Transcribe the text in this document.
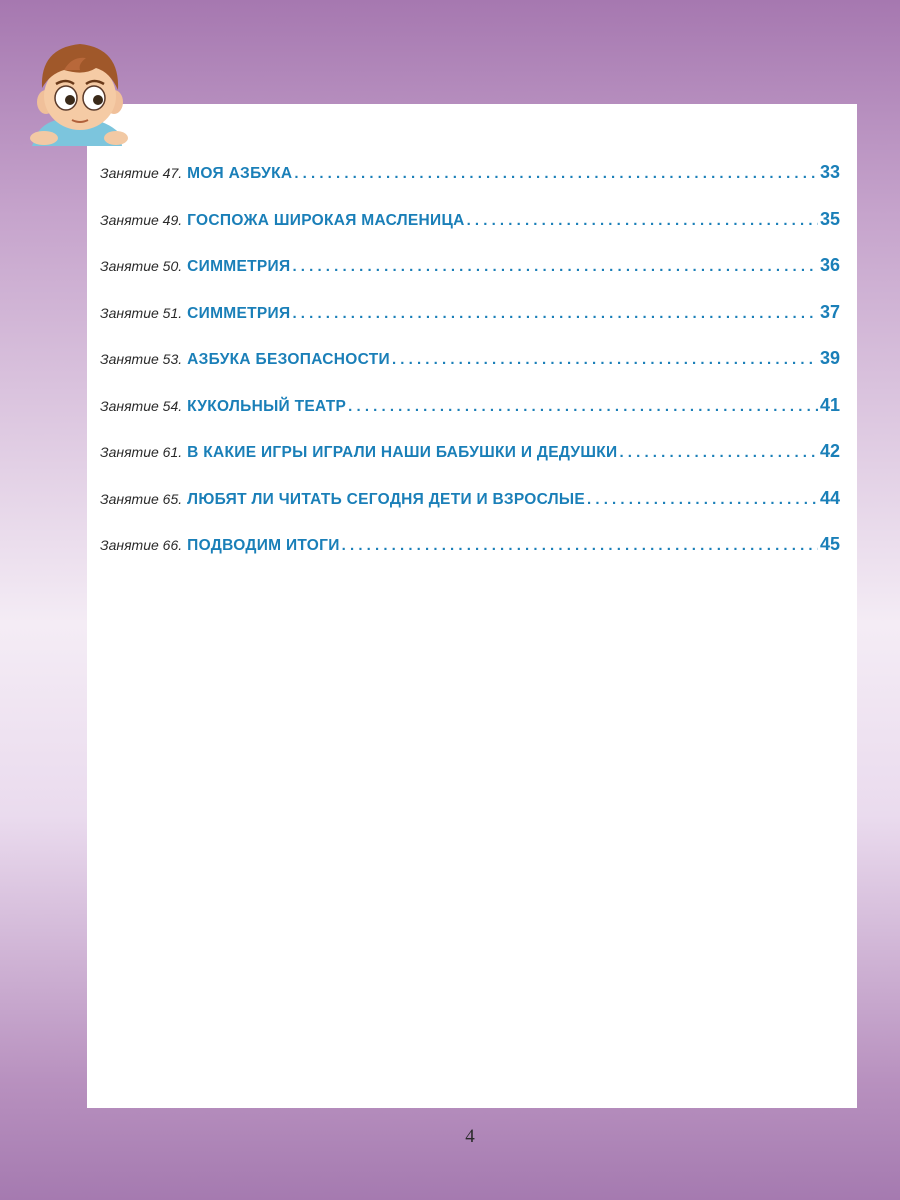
Занятие 47. МОЯ АЗБУКА . . .	33
Занятие 49. ГОСПОЖА ШИРОКАЯ МАСЛЕНИЦА . . .	35
Занятие 50. СИММЕТРИЯ . . .	36
Занятие 51. СИММЕТРИЯ . . .	37
Занятие 53. АЗБУКА БЕЗОПАСНОСТИ . . .	39
Занятие 54. КУКОЛЬНЫЙ ТЕАТР . . .	41
Занятие 61. В КАКИЕ ИГРЫ ИГРАЛИ НАШИ БАБУШКИ И ДЕДУШКИ . . .	42
Занятие 65. ЛЮБЯТ ЛИ ЧИТАТЬ СЕГОДНЯ ДЕТИ И ВЗРОСЛЫЕ . . .	44
Занятие 66. ПОДВОДИМ ИТОГИ . . .	45
4
